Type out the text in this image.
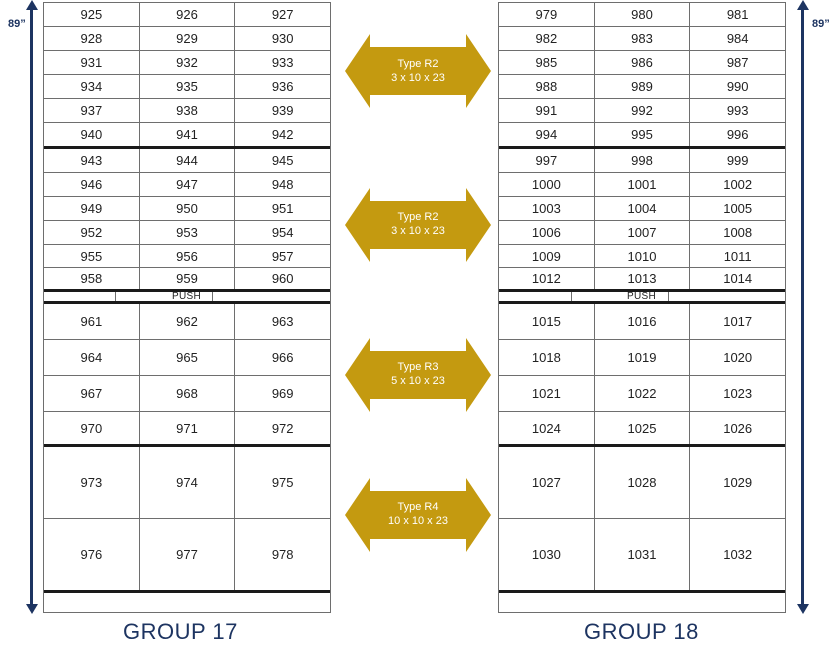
89”	89”
925	926	927
928	929	930
931	932	933
934	935	936
937	938	939
940	941	942
943	944	945
946	947	948
949	950	951
952	953	954
955	956	957
958	959	960
PUSH
961	962	963
964	965	966
967	968	969
970	971	972
973	974	975
976	977	978
979	980	981
982	983	984
985	986	987
988	989	990
991	992	993
994	995	996
997	998	999
1000	1001	1002
1003	1004	1005
1006	1007	1008
1009	1010	1011
1012	1013	1014
PUSH
1015	1016	1017
1018	1019	1020
1021	1022	1023
1024	1025	1026
1027	1028	1029
1030	1031	1032
Type R2
3 x 10 x 23
Type R2
3 x 10 x 23
Type R3
5 x 10 x 23
Type R4
10 x 10 x 23
GROUP 17	GROUP 18
